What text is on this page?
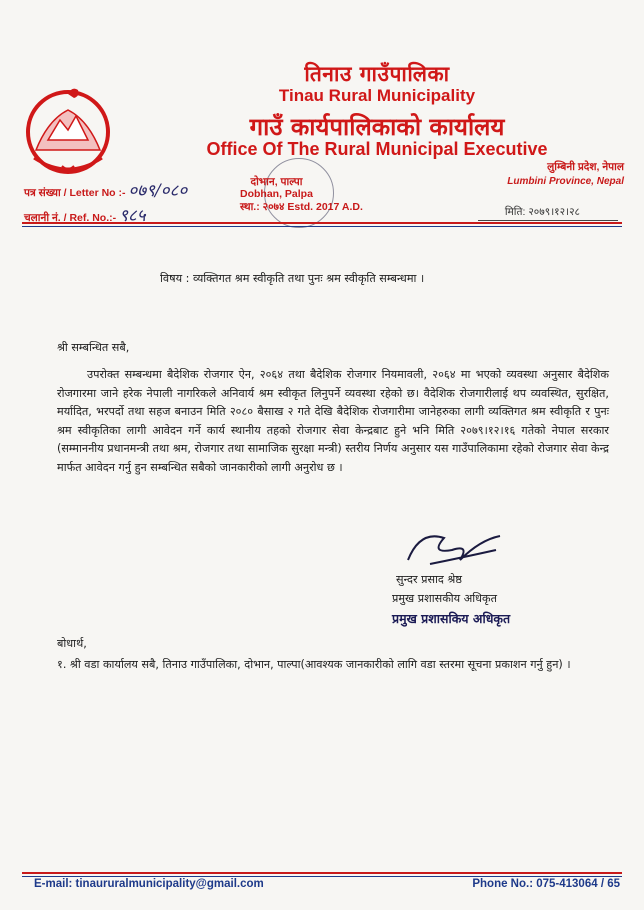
तिनाउ गाउँपालिका
Tinau Rural Municipality
गाउँ कार्यपालिकाको कार्यालय
Office Of The Rural Municipal Executive
पत्र संख्या / Letter No :- ०७९/०८०
चलानी नं. / Ref. No.:- ९८५
दोभान, पाल्पा
Dobhan, Palpa
स्था.: २०७४ Estd. 2017 A.D.
लुम्बिनी प्रदेश, नेपाल
Lumbini Province, Nepal
मिति: २०७९।१२।२८
विषय : व्यक्तिगत श्रम स्वीकृति तथा पुनः श्रम स्वीकृति सम्बन्धमा ।
श्री सम्बन्धित सबै,
उपरोक्त सम्बन्धमा बैदेशिक रोजगार ऐन, २०६४ तथा बैदेशिक रोजगार नियमावली, २०६४ मा भएको व्यवस्था अनुसार बैदेशिक रोजगारमा जाने हरेक नेपाली नागरिकले अनिवार्य श्रम स्वीकृत लिनुपर्ने व्यवस्था रहेको छ। वैदेशिक रोजगारीलाई थप व्यवस्थित, सुरक्षित, मर्यादित, भरपर्दो तथा सहज बनाउन मिति २०८० बैसाख २ गते देखि बैदेशिक रोजगारीमा जानेहरुका लागी व्यक्तिगत श्रम स्वीकृति र पुनः श्रम स्वीकृतिका लागी आवेदन गर्ने कार्य स्थानीय तहको रोजगार सेवा केन्द्रबाट हुने भनि मिति २०७९।१२।१६ गतेको नेपाल सरकार (सम्माननीय प्रधानमन्त्री तथा श्रम, रोजगार तथा सामाजिक सुरक्षा मन्त्री) स्तरीय निर्णय अनुसार यस गाउँपालिकामा रहेको रोजगार सेवा केन्द्र मार्फत आवेदन गर्नु हुन सम्बन्धित सबैको जानकारीको लागी अनुरोध छ ।
सुन्दर प्रसाद श्रेष्ठ
प्रमुख प्रशासकीय अधिकृत
प्रमुख प्रशासकिय अधिकृत
बोधार्थ,
१. श्री वडा कार्यालय सबै, तिनाउ गाउँपालिका, दोभान, पाल्पा(आवश्यक जानकारीको लागि वडा स्तरमा सूचना प्रकाशन गर्नु हुन) ।
E-mail: tinaururalmunicipality@gmail.com	Phone No.: 075-413064 / 65
